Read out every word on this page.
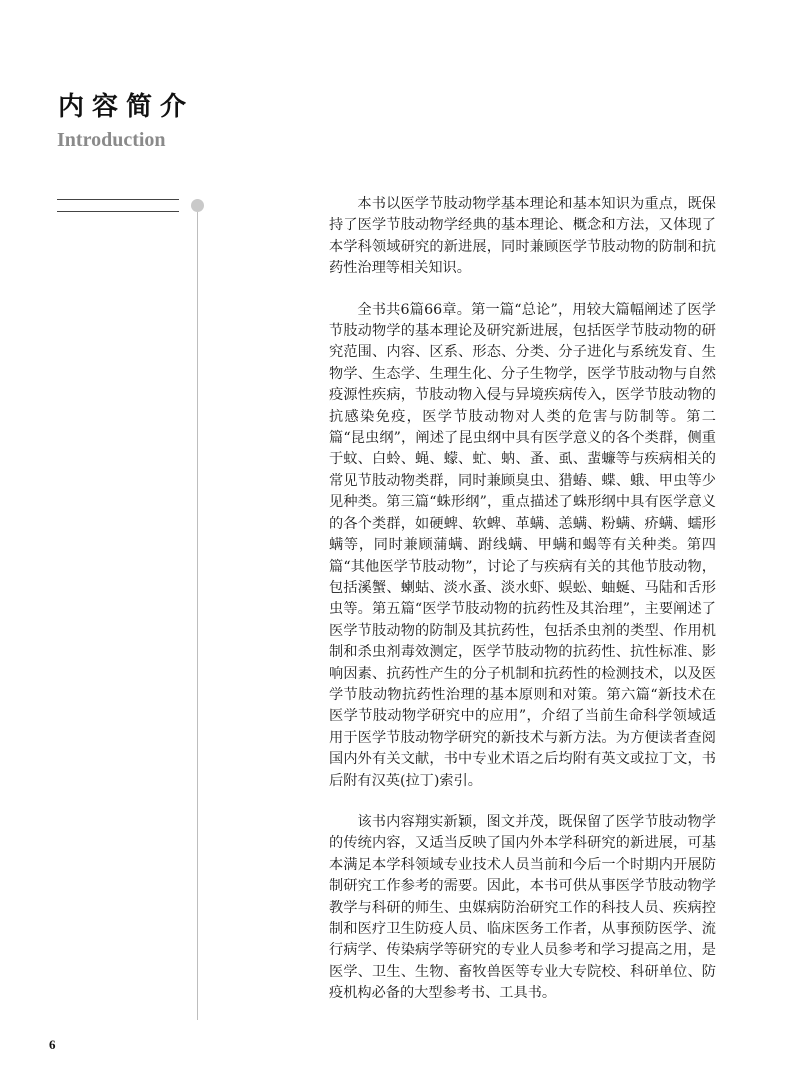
内容简介
Introduction

本书以医学节肢动物学基本理论和基本知识为重点，既保持了医学节肢动物学经典的基本理论、概念和方法，又体现了本学科领域研究的新进展，同时兼顾医学节肢动物的防制和抗药性治理等相关知识。

全书共6篇66章。第一篇“总论”，用较大篇幅阐述了医学节肢动物学的基本理论及研究新进展，包括医学节肢动物的研究范围、内容、区系、形态、分类、分子进化与系统发育、生物学、生态学、生理生化、分子生物学，医学节肢动物与自然疫源性疾病，节肢动物入侵与异境疾病传入，医学节肢动物的抗感染免疫，医学节肢动物对人类的危害与防制等。第二篇“昆虫纲”，阐述了昆虫纲中具有医学意义的各个类群，侧重于蚊、白蛉、蝇、蠓、虻、蚋、蚤、虱、蜚蠊等与疾病相关的常见节肢动物类群，同时兼顾臭虫、猎蝽、蝶、蛾、甲虫等少见种类。第三篇“蛛形纲”，重点描述了蛛形纲中具有医学意义的各个类群，如硬蜱、软蜱、革螨、恙螨、粉螨、疥螨、蠕形螨等，同时兼顾蒲螨、跗线螨、甲螨和蝎等有关种类。第四篇“其他医学节肢动物”，讨论了与疾病有关的其他节肢动物，包括溪蟹、蝲蛄、淡水蚤、淡水虾、蜈蚣、蚰蜒、马陆和舌形虫等。第五篇“医学节肢动物的抗药性及其治理”，主要阐述了医学节肢动物的防制及其抗药性，包括杀虫剂的类型、作用机制和杀虫剂毒效测定，医学节肢动物的抗药性、抗性标准、影响因素、抗药性产生的分子机制和抗药性的检测技术，以及医学节肢动物抗药性治理的基本原则和对策。第六篇“新技术在医学节肢动物学研究中的应用”，介绍了当前生命科学领域适用于医学节肢动物学研究的新技术与新方法。为方便读者查阅国内外有关文献，书中专业术语之后均附有英文或拉丁文，书后附有汉英(拉丁)索引。

该书内容翔实新颖，图文并茂，既保留了医学节肢动物学的传统内容，又适当反映了国内外本学科研究的新进展，可基本满足本学科领域专业技术人员当前和今后一个时期内开展防制研究工作参考的需要。因此，本书可供从事医学节肢动物学教学与科研的师生、虫媒病防治研究工作的科技人员、疾病控制和医疗卫生防疫人员、临床医务工作者，从事预防医学、流行病学、传染病学等研究的专业人员参考和学习提高之用，是医学、卫生、生物、畜牧兽医等专业大专院校、科研单位、防疫机构必备的大型参考书、工具书。

6
